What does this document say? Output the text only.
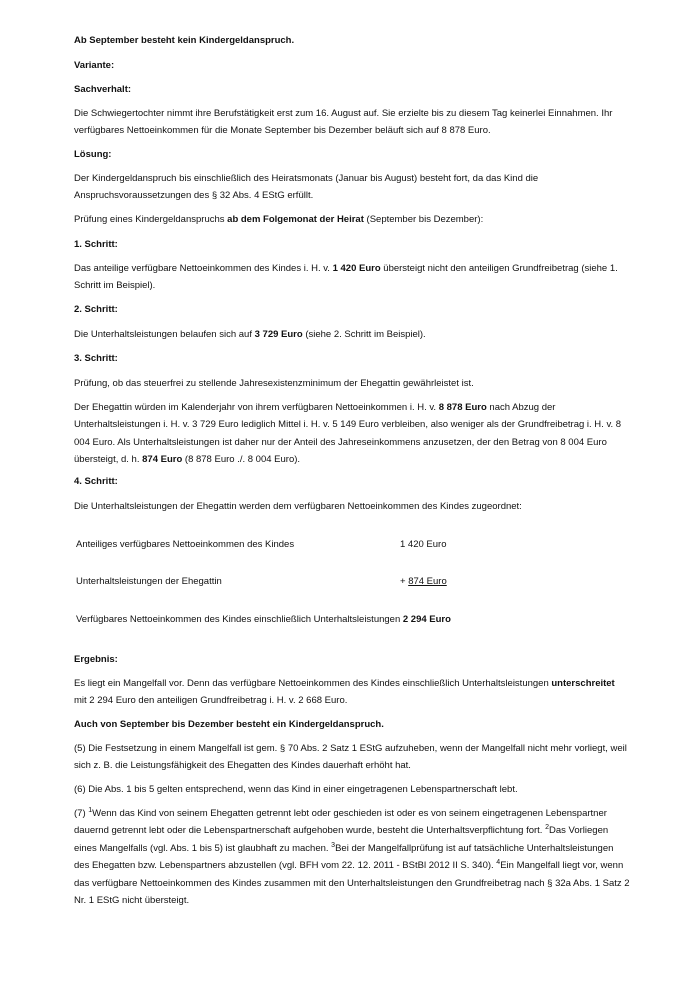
Ab September besteht kein Kindergeldanspruch.

Variante:

Sachverhalt:

Die Schwiegertochter nimmt ihre Berufstätigkeit erst zum 16. August auf. Sie erzielte bis zu diesem Tag keinerlei Einnahmen. Ihr verfügbares Nettoeinkommen für die Monate September bis Dezember beläuft sich auf 8 878 Euro.

Lösung:

Der Kindergeldanspruch bis einschließlich des Heiratsmonats (Januar bis August) besteht fort, da das Kind die Anspruchsvoraussetzungen des § 32 Abs. 4 EStG erfüllt.

Prüfung eines Kindergeldanspruchs ab dem Folgemonat der Heirat (September bis Dezember):

1. Schritt:

Das anteilige verfügbare Nettoeinkommen des Kindes i. H. v. 1 420 Euro übersteigt nicht den anteiligen Grundfreibetrag (siehe 1. Schritt im Beispiel).

2. Schritt:

Die Unterhaltsleistungen belaufen sich auf 3 729 Euro (siehe 2. Schritt im Beispiel).

3. Schritt:

Prüfung, ob das steuerfrei zu stellende Jahresexistenzminimum der Ehegattin gewährleistet ist.

Der Ehegattin würden im Kalenderjahr von ihrem verfügbaren Nettoeinkommen i. H. v. 8 878 Euro nach Abzug der Unterhaltsleistungen i. H. v. 3 729 Euro lediglich Mittel i. H. v. 5 149 Euro verbleiben, also weniger als der Grundfreibetrag i. H. v. 8 004 Euro. Als Unterhaltsleistungen ist daher nur der Anteil des Jahreseinkommens anzusetzen, der den Betrag von 8 004 Euro übersteigt, d. h. 874 Euro (8 878 Euro ./. 8 004 Euro).

4. Schritt:

Die Unterhaltsleistungen der Ehegattin werden dem verfügbaren Nettoeinkommen des Kindes zugeordnet:

Anteiliges verfügbares Nettoeinkommen des Kindes	1 420 Euro
Unterhaltsleistungen der Ehegattin	+ 874 Euro
Verfügbares Nettoeinkommen des Kindes einschließlich Unterhaltsleistungen 2 294 Euro

Ergebnis:

Es liegt ein Mangelfall vor. Denn das verfügbare Nettoeinkommen des Kindes einschließlich Unterhaltsleistungen unterschreitet mit 2 294 Euro den anteiligen Grundfreibetrag i. H. v. 2 668 Euro.

Auch von September bis Dezember besteht ein Kindergeldanspruch.

(5) Die Festsetzung in einem Mangelfall ist gem. § 70 Abs. 2 Satz 1 EStG aufzuheben, wenn der Mangelfall nicht mehr vorliegt, weil sich z. B. die Leistungsfähigkeit des Ehegatten des Kindes dauerhaft erhöht hat.

(6) Die Abs. 1 bis 5 gelten entsprechend, wenn das Kind in einer eingetragenen Lebenspartnerschaft lebt.

(7) $^1$Wenn das Kind von seinem Ehegatten getrennt lebt oder geschieden ist oder es von seinem eingetragenen Lebenspartner dauernd getrennt lebt oder die Lebenspartnerschaft aufgehoben wurde, besteht die Unterhaltsverpflichtung fort. $^2$Das Vorliegen eines Mangelfalls (vgl. Abs. 1 bis 5) ist glaubhaft zu machen. $^3$Bei der Mangelfallprüfung ist auf tatsächliche Unterhaltsleistungen des Ehegatten bzw. Lebenspartners abzustellen (vgl. BFH vom 22. 12. 2011 - BStBl 2012 II S. 340). $^4$Ein Mangelfall liegt vor, wenn das verfügbare Nettoeinkommen des Kindes zusammen mit den Unterhaltsleistungen den Grundfreibetrag nach § 32a Abs. 1 Satz 2 Nr. 1 EStG nicht übersteigt.
